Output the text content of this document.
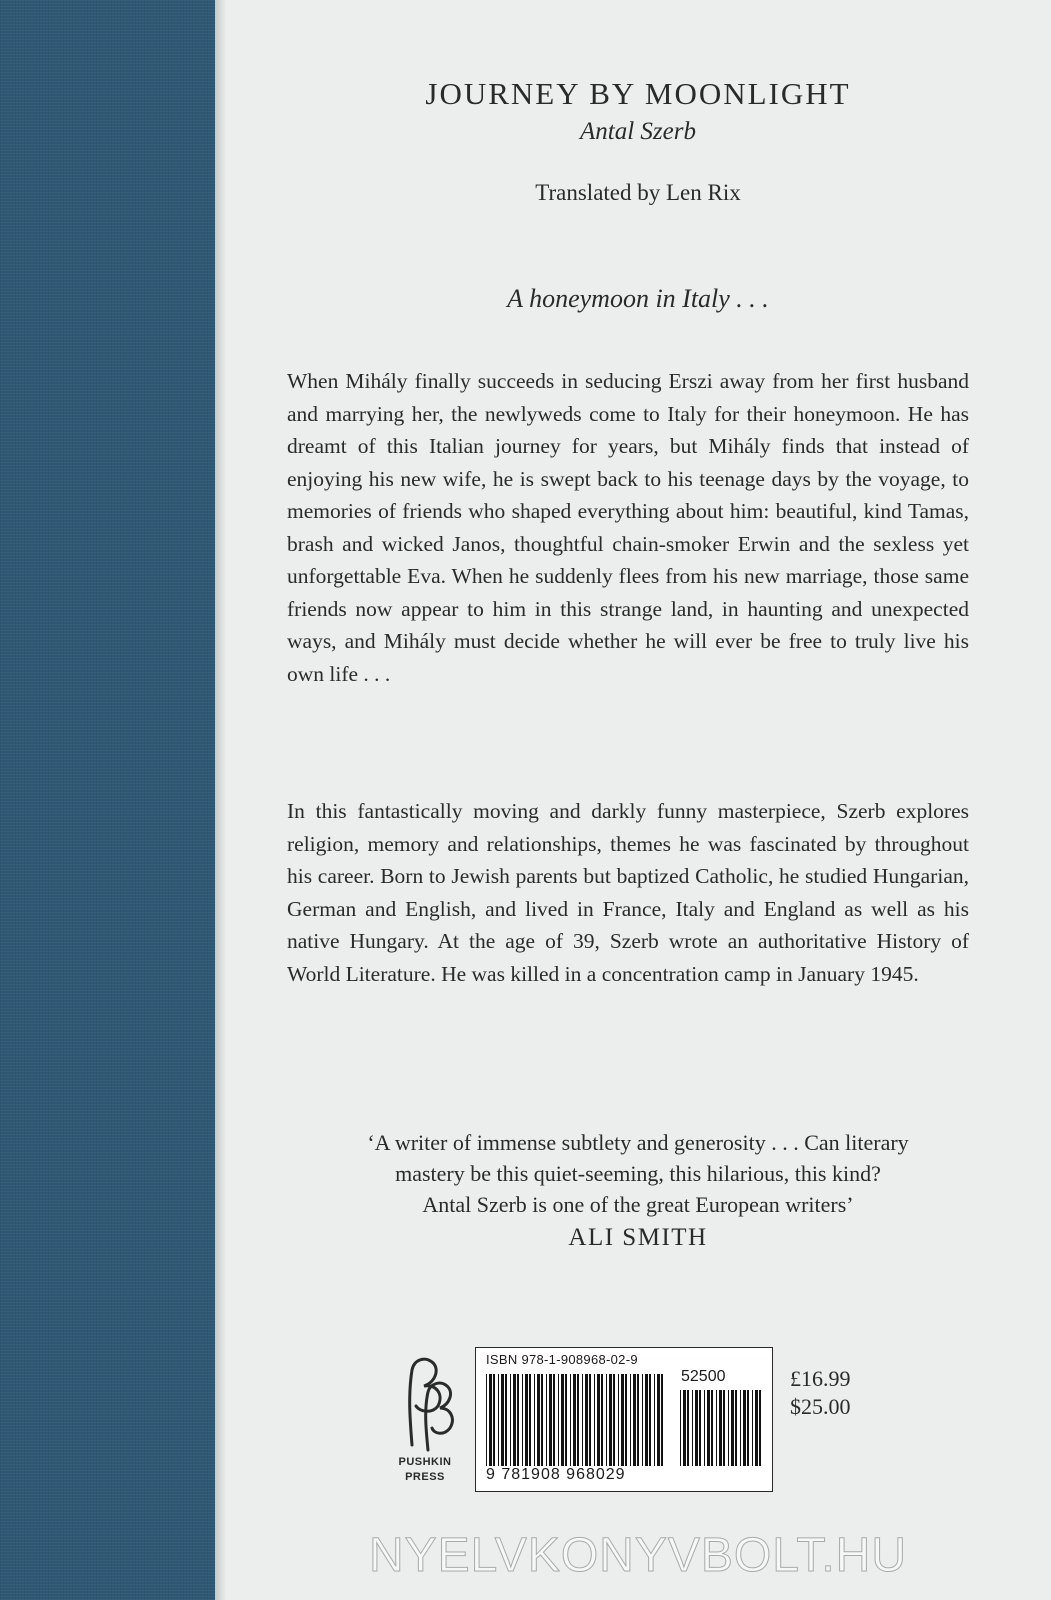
JOURNEY BY MOONLIGHT
Antal Szerb
Translated by Len Rix
A honeymoon in Italy . . .

When Mihály finally succeeds in seducing Erszi away from her first husband and marrying her, the newlyweds come to Italy for their honeymoon. He has dreamt of this Italian journey for years, but Mihály finds that instead of enjoying his new wife, he is swept back to his teenage days by the voyage, to memories of friends who shaped everything about him: beautiful, kind Tamas, brash and wicked Janos, thoughtful chain-smoker Erwin and the sexless yet unforgettable Eva. When he suddenly flees from his new marriage, those same friends now appear to him in this strange land, in haunting and unexpected ways, and Mihály must decide whether he will ever be free to truly live his own life . . .

In this fantastically moving and darkly funny masterpiece, Szerb explores religion, memory and relationships, themes he was fascinated by throughout his career. Born to Jewish parents but baptized Catholic, he studied Hungarian, German and English, and lived in France, Italy and England as well as his native Hungary. At the age of 39, Szerb wrote an authoritative History of World Literature. He was killed in a concentration camp in January 1945.

‘A writer of immense subtlety and generosity . . . Can literary
mastery be this quiet-seeming, this hilarious, this kind?
Antal Szerb is one of the great European writers’
ALI SMITH
PUSHKIN
PRESS
ISBN 978-1-908968-02-9
52500
9 781908 968029
£16.99
$25.00
NYELVKONYVBOLT.HU
